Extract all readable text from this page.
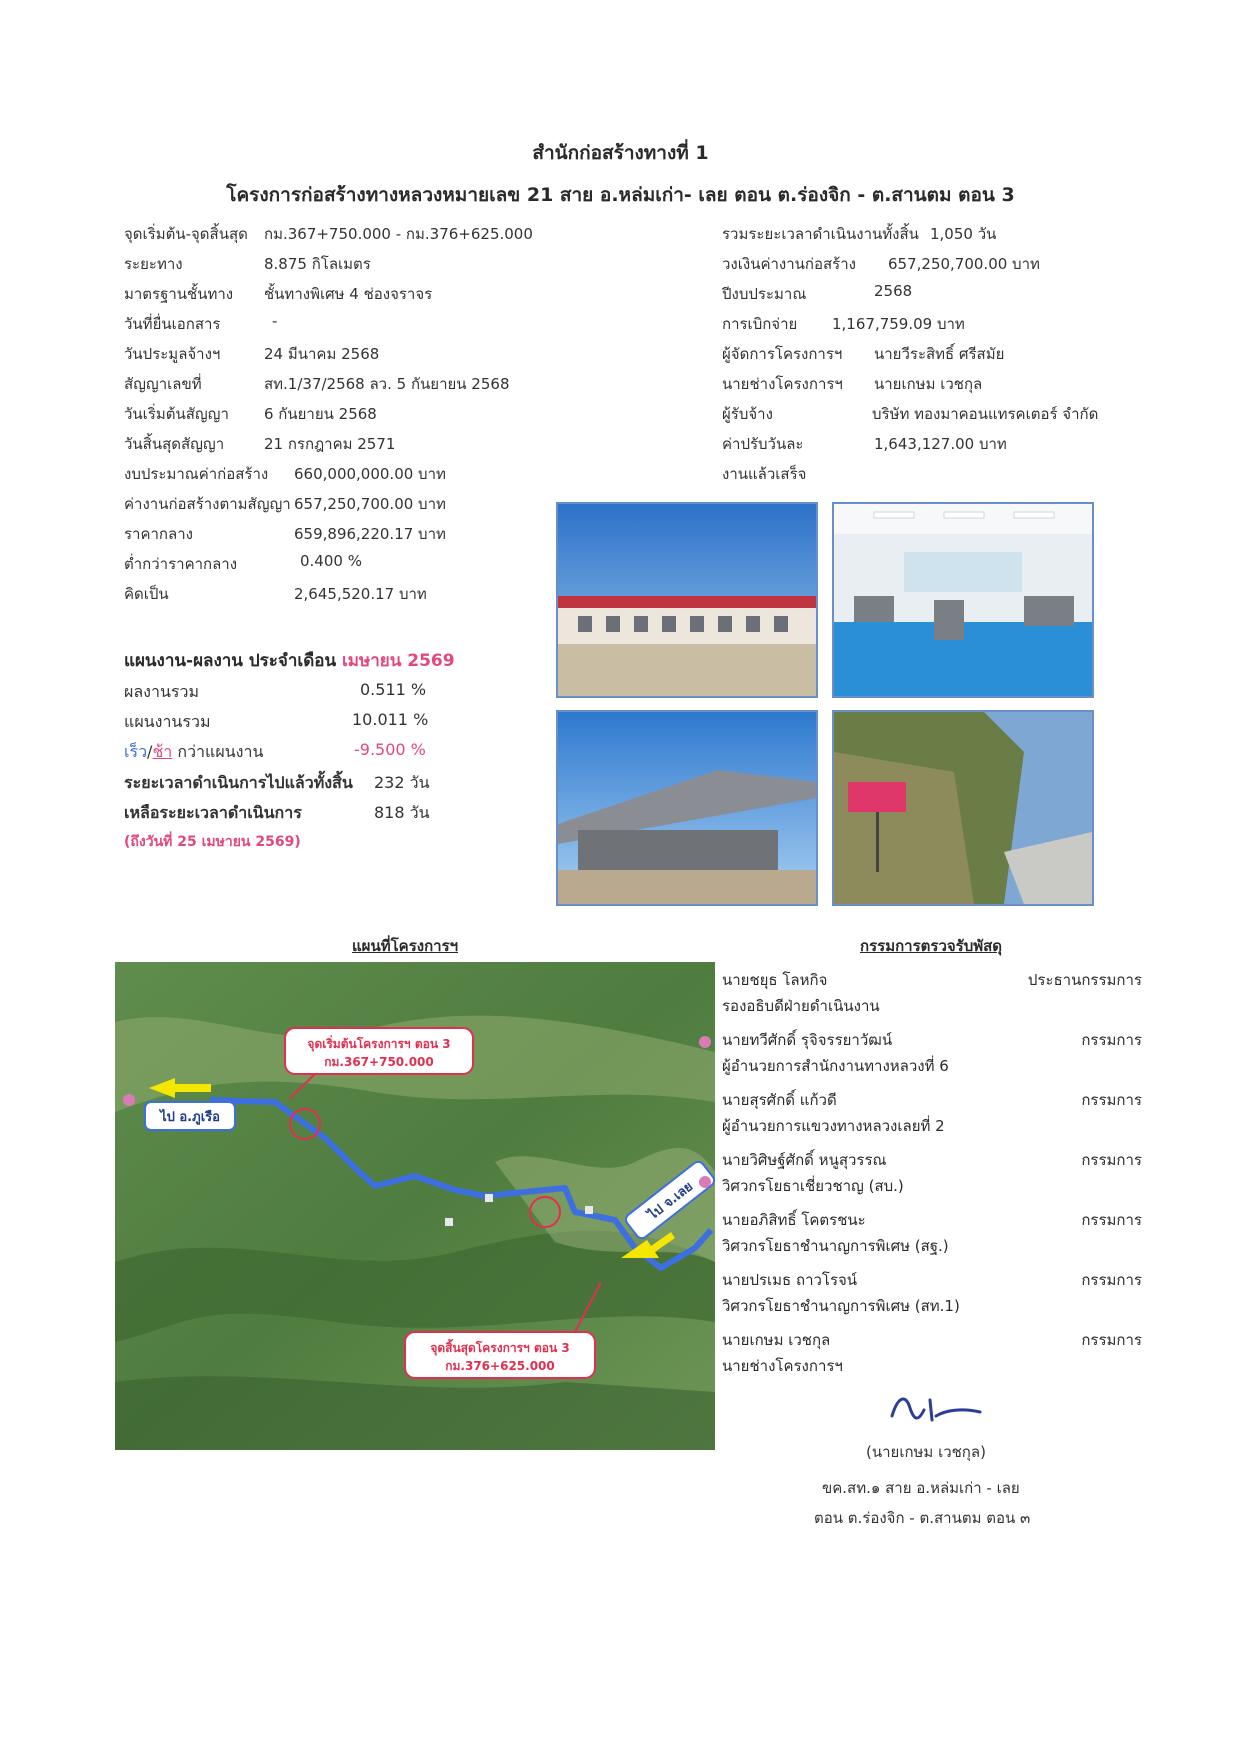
สำนักก่อสร้างทางที่ 1
โครงการก่อสร้างทางหลวงหมายเลข 21 สาย อ.หล่มเก่า- เลย ตอน ต.ร่องจิก - ต.สานตม ตอน 3
จุดเริ่มต้น-จุดสิ้นสุด กม.367+750.000 - กม.376+625.000
ระยะทาง	8.875 กิโลเมตร
มาตรฐานชั้นทาง ชั้นทางพิเศษ 4 ช่องจราจร
วันที่ยื่นเอกสาร	-
วันประมูลจ้างฯ	24 มีนาคม 2568
สัญญาเลขที่	สท.1/37/2568 ลว. 5 กันยายน 2568
วันเริ่มต้นสัญญา 6 กันยายน 2568
วันสิ้นสุดสัญญา	21 กรกฎาคม 2571
งบประมาณค่าก่อสร้าง 660,000,000.00 บาท
ค่างานก่อสร้างตามสัญญา 657,250,700.00 บาท
ราคากลาง	659,896,220.17 บาท
ต่ำกว่าราคากลาง	0.400 %
คิดเป็น	2,645,520.17 บาท
รวมระยะเวลาดำเนินงานทั้งสิ้น 1,050 วัน
วงเงินค่างานก่อสร้าง 657,250,700.00 บาท
ปีงบประมาณ	2568
การเบิกจ่าย 1,167,759.09 บาท
ผู้จัดการโครงการฯ นายวีระสิทธิ์ ศรีสมัย
นายช่างโครงการฯ นายเกษม เวชกุล
ผู้รับจ้าง	บริษัท ทองมาคอนแทรคเตอร์ จำกัด
ค่าปรับวันละ	1,643,127.00 บาท
งานแล้วเสร็จ
แผนงาน-ผลงาน ประจำเดือน เมษายน 2569
ผลงานรวม	0.511 %
แผนงานรวม	10.011 %
เร็ว/ช้า กว่าแผนงาน	-9.500 %
ระยะเวลาดำเนินการไปแล้วทั้งสิ้น 232 วัน
เหลือระยะเวลาดำเนินการ	818 วัน
(ถึงวันที่ 25 เมษายน 2569)
แผนที่โครงการฯ
จุดเริ่มต้นโครงการฯ ตอน 3
กม.367+750.000
จุดสิ้นสุดโครงการฯ ตอน 3
กม.376+625.000
ไป อ.ภูเรือ
ไป จ.เลย
กรรมการตรวจรับพัสดุ
นายชยุธ โลหกิจ	ประธานกรรมการ
รองอธิบดีฝ่ายดำเนินงาน
นายทวีศักดิ์ รุจิจรรยาวัฒน์	กรรมการ
ผู้อำนวยการสำนักงานทางหลวงที่ 6
นายสุรศักดิ์ แก้วดี	กรรมการ
ผู้อำนวยการแขวงทางหลวงเลยที่ 2
นายวิศิษฐ์ศักดิ์ หนูสุวรรณ	กรรมการ
วิศวกรโยธาเชี่ยวชาญ (สบ.)
นายอภิสิทธิ์ โคตรชนะ	กรรมการ
วิศวกรโยธาชำนาญการพิเศษ (สฐ.)
นายปรเมธ ถาวโรจน์	กรรมการ
วิศวกรโยธาชำนาญการพิเศษ (สท.1)
นายเกษม เวชกุล	กรรมการ
นายช่างโครงการฯ
(นายเกษม เวชกุล)
ขค.สท.๑ สาย อ.หล่มเก่า - เลย
ตอน ต.ร่องจิก - ต.สานตม ตอน ๓
